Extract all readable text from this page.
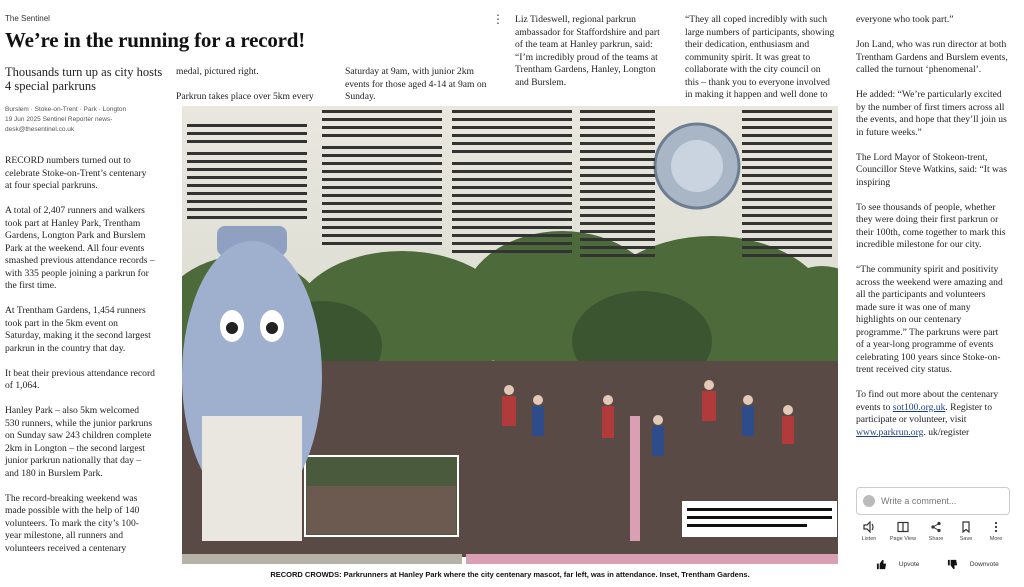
The Sentinel
We’re in the running for a record!
Thousands turn up as city hosts 4 special parkruns
Burslem · Stoke-on-Trent · Park · Longton
19 Jun 2025 Sentinel Reporter news-
desk@thesentinel.co.uk
⋮

RECORD numbers turned out to celebrate Stoke-on-Trent’s centenary at four special parkruns.

A total of 2,407 runners and walkers took part at Hanley Park, Trentham Gardens, Longton Park and Burslem Park at the weekend. All four events smashed previous attendance records – with 335 people joining a parkrun for the first time.

At Trentham Gardens, 1,454 runners took part in the 5km event on Saturday, making it the second largest parkrun in the country that day.

It beat their previous attendance record of 1,064.

Hanley Park – also 5km welcomed 530 runners, while the junior parkruns on Sunday saw 243 children complete 2km in Longton – the second largest junior parkrun nationally that day – and 180 in Burslem Park.

The record-breaking weekend was made possible with the help of 140 volunteers. To mark the city’s 100-year milestone, all runners and volunteers received a centenary

medal, pictured right.

Parkrun takes place over 5km every

Saturday at 9am, with junior 2km events for those aged 4-14 at 9am on Sunday.

Liz Tideswell, regional parkrun ambassador for Staffordshire and part of the team at Hanley parkrun, said: “I’m incredibly proud of the teams at Trentham Gardens, Hanley, Longton and Burslem.

“They all coped incredibly with such large numbers of participants, showing their dedication, enthusiasm and community spirit. It was great to collaborate with the city council on this – thank you to everyone involved in making it happen and well done to

everyone who took part.”

Jon Land, who was run director at both Trentham Gardens and Burslem events, called the turnout ‘phenomenal’.

He added: “We’re particularly excited by the number of first timers across all the events, and hope that they’ll join us in future weeks.”

The Lord Mayor of Stokeon-trent, Councillor Steve Watkins, said: “It was inspiring

To see thousands of people, whether they were doing their first parkrun or their 100th, come together to mark this incredible milestone for our city.

“The community spirit and positivity across the weekend were amazing and all the participants and volunteers made sure it was one of many highlights on our centenary programme.” The parkruns were part of a year-long programme of events celebrating 100 years since Stoke-on-trent received city status.

To find out more about the centenary events to sot100.org.uk. Register to participate or volunteer, visit www.parkrun.org. uk/register

RECORD CROWDS: Parkrunners at Hanley Park where the city centenary mascot, far left, was in attendance. Inset, Trentham Gardens.
Write a comment...
Listen	Page View	Share	Save	More
Upvote	Downvote
